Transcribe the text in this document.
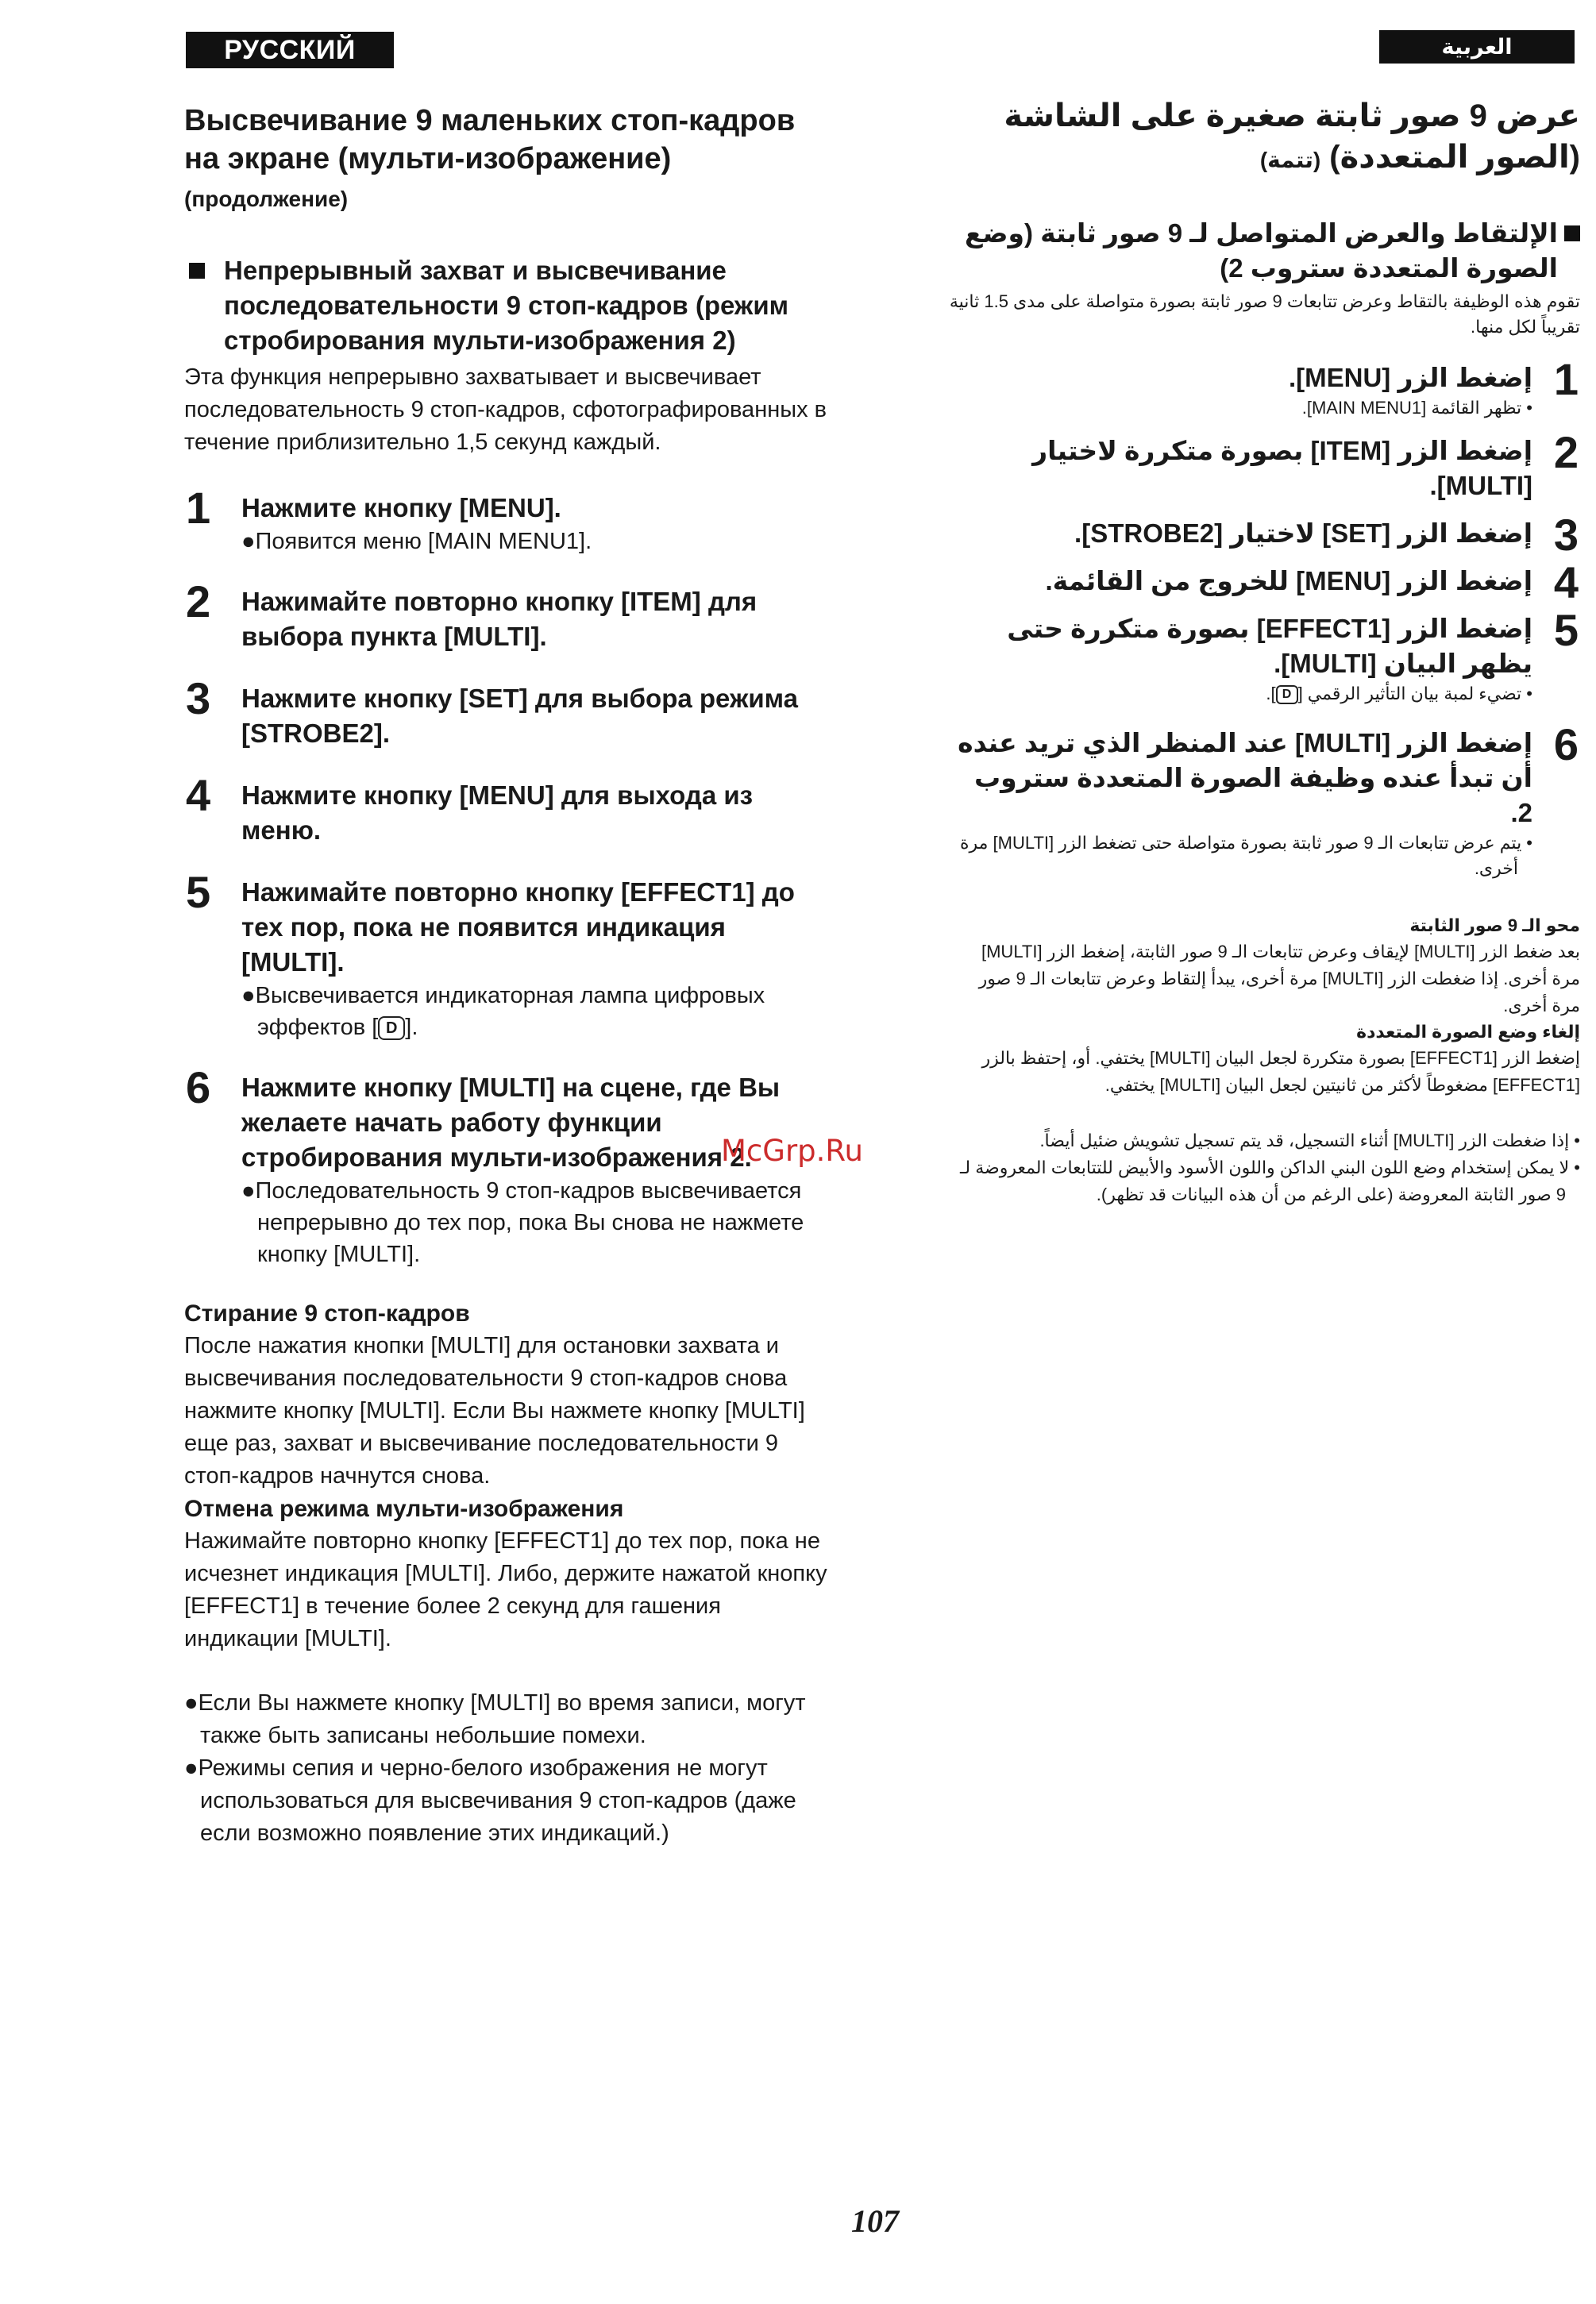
РУССКИЙ ЯЗЫК
العربية
Высвечивание 9 маленьких стоп-кадров на экране (мульти-изображение) (продолжение)
Непрерывный захват и высвечивание последовательности 9 стоп-кадров (режим стробирования мульти-изображения 2)

Эта функция непрерывно захватывает и высвечивает последовательность 9 стоп-кадров, сфотографированных в течение приблизительно 1,5 секунд каждый.

1 Нажмите кнопку [MENU].
●Появится меню [MAIN MENU1].
2 Нажимайте повторно кнопку [ITEM] для выбора пункта [MULTI].
3 Нажмите кнопку [SET] для выбора режима [STROBE2].
4 Нажмите кнопку [MENU] для выхода из меню.
5 Нажимайте повторно кнопку [EFFECT1] до тех пор, пока не появится индикация [MULTI].
●Высвечивается индикаторная лампа цифровых эффектов [ D ].
6 Нажмите кнопку [MULTI] на сцене, где Вы желаете начать работу функции стробирования мульти-изображения 2.
●Последовательность 9 стоп-кадров высвечивается непрерывно до тех пор, пока Вы снова не нажмете кнопку [MULTI].
Стирание 9 стоп-кадров

После нажатия кнопки [MULTI] для остановки захвата и высвечивания последовательности 9 стоп-кадров снова нажмите кнопку [MULTI]. Если Вы нажмете кнопку [MULTI] еще раз, захват и высвечивание последовательности 9 стоп-кадров начнутся снова.

Отмена режима мульти-изображения

Нажимайте повторно кнопку [EFFECT1] до тех пор, пока не исчезнет индикация [MULTI]. Либо, держите нажатой кнопку [EFFECT1] в течение более 2 секунд для гашения индикации [MULTI].

●Если Вы нажмете кнопку [MULTI] во время записи, могут также быть записаны небольшие помехи.
●Режимы сепия и черно-белого изображения не могут использоваться для высвечивания 9 стоп-кадров (даже если возможно появление этих индикаций.)
عرض 9 صور ثابتة صغيرة على الشاشة (الصور المتعددة) (تتمة)
الإلتقاط والعرض المتواصل لـ 9 صور ثابتة (وضع الصورة المتعددة ستروب 2)

تقوم هذه الوظيفة بالتقاط وعرض تتابعات 9 صور ثابتة بصورة متواصلة على مدى 1.5 ثانية تقريباً لكل منها.

1
إضغط الزر [MENU].
• تظهر القائمة [MAIN MENU1].
2
إضغط الزر [ITEM] بصورة متكررة لاختيار [MULTI].
3
إضغط الزر [SET] لاختيار [STROBE2].
4
إضغط الزر [MENU] للخروج من القائمة.
5
إضغط الزر [EFFECT1] بصورة متكررة حتى يظهر البيان [MULTI].
• تضيء لمبة بيان التأثير الرقمي [D].
6
إضغط الزر [MULTI] عند المنظر الذي تريد عنده أن تبدأ عنده وظيفة الصورة المتعددة ستروب 2.
• يتم عرض تتابعات الـ 9 صور ثابتة بصورة متواصلة حتى تضغط الزر [MULTI] مرة أخرى.
محو الـ 9 صور الثابتة

بعد ضغط الزر [MULTI] لإيقاف وعرض تتابعات الـ 9 صور الثابتة، إضغط الزر [MULTI] مرة أخرى. إذا ضغطت الزر [MULTI] مرة أخرى، يبدأ إلتقاط وعرض تتابعات الـ 9 صور مرة أخرى.

إلغاء وضع الصورة المتعددة

إضغط الزر [EFFECT1] بصورة متكررة لجعل البيان [MULTI] يختفي. أو، إحتفظ بالزر [EFFECT1] مضغوطاً لأكثر من ثانيتين لجعل البيان [MULTI] يختفي.

• إذا ضغطت الزر [MULTI] أثناء التسجيل، قد يتم تسجيل تشويش ضئيل أيضاً.
• لا يمكن إستخدام وضع اللون البني الداكن واللون الأسود والأبيض للتتابعات المعروضة لـ 9 صور الثابتة المعروضة (على الرغم من أن هذه البيانات قد تظهر).
McGrp.Ru
107
